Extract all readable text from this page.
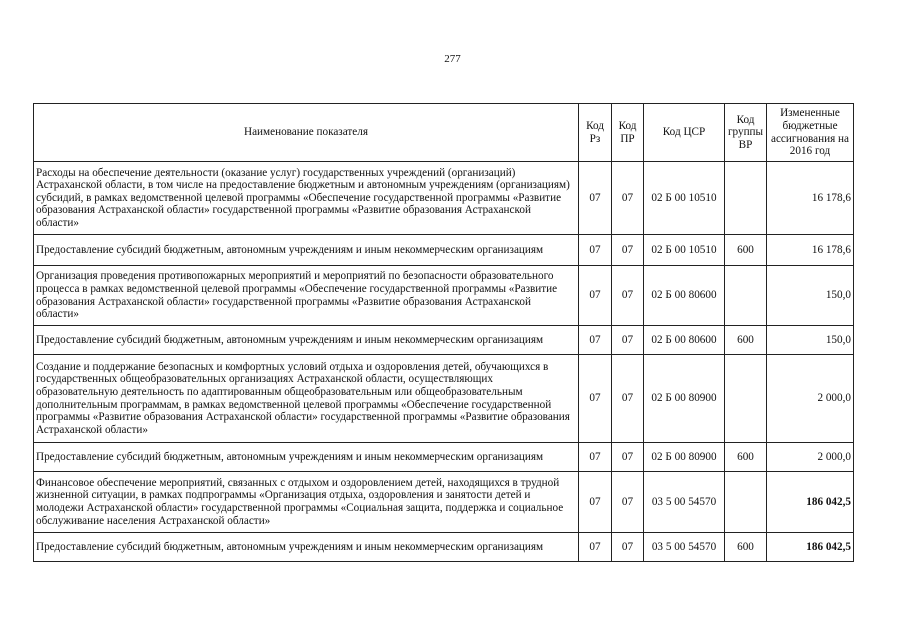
277
Наименование показателя	Код Рз	Код ПР	Код ЦСР	Код группы ВР	Измененные бюджетные ассигнования на 2016 год
Расходы на обеспечение деятельности (оказание услуг) государственных учреждений (организаций) Астраханской области, в том числе на предоставление бюджетным и автономным учреждениям (организациям) субсидий, в рамках ведомственной целевой программы «Обеспечение государственной программы «Развитие образования Астраханской области» государственной программы «Развитие образования Астраханской области»	07	07	02 Б 00 10510		16 178,6
Предоставление субсидий бюджетным, автономным учреждениям и иным некоммерческим организациям	07	07	02 Б 00 10510	600	16 178,6
Организация проведения противопожарных мероприятий и мероприятий по безопасности образовательного процесса в рамках ведомственной целевой программы «Обеспечение государственной программы «Развитие образования Астраханской области» государственной программы «Развитие образования Астраханской области»	07	07	02 Б 00 80600		150,0
Предоставление субсидий бюджетным, автономным учреждениям и иным некоммерческим организациям	07	07	02 Б 00 80600	600	150,0
Создание и поддержание безопасных и комфортных условий отдыха и оздоровления детей, обучающихся в государственных общеобразовательных организациях Астраханской области, осуществляющих образовательную деятельность по адаптированным общеобразовательным или общеобразовательным дополнительным программам, в рамках ведомственной целевой программы «Обеспечение государственной программы «Развитие образования Астраханской области» государственной программы «Развитие образования Астраханской области»	07	07	02 Б 00 80900		2 000,0
Предоставление субсидий бюджетным, автономным учреждениям и иным некоммерческим организациям	07	07	02 Б 00 80900	600	2 000,0
Финансовое обеспечение мероприятий, связанных с отдыхом и оздоровлением детей, находящихся в трудной жизненной ситуации, в рамках подпрограммы «Организация отдыха, оздоровления и занятости детей и молодежи Астраханской области» государственной программы «Социальная защита, поддержка и социальное обслуживание населения Астраханской области»	07	07	03 5 00 54570		186 042,5
Предоставление субсидий бюджетным, автономным учреждениям и иным некоммерческим организациям	07	07	03 5 00 54570	600	186 042,5
